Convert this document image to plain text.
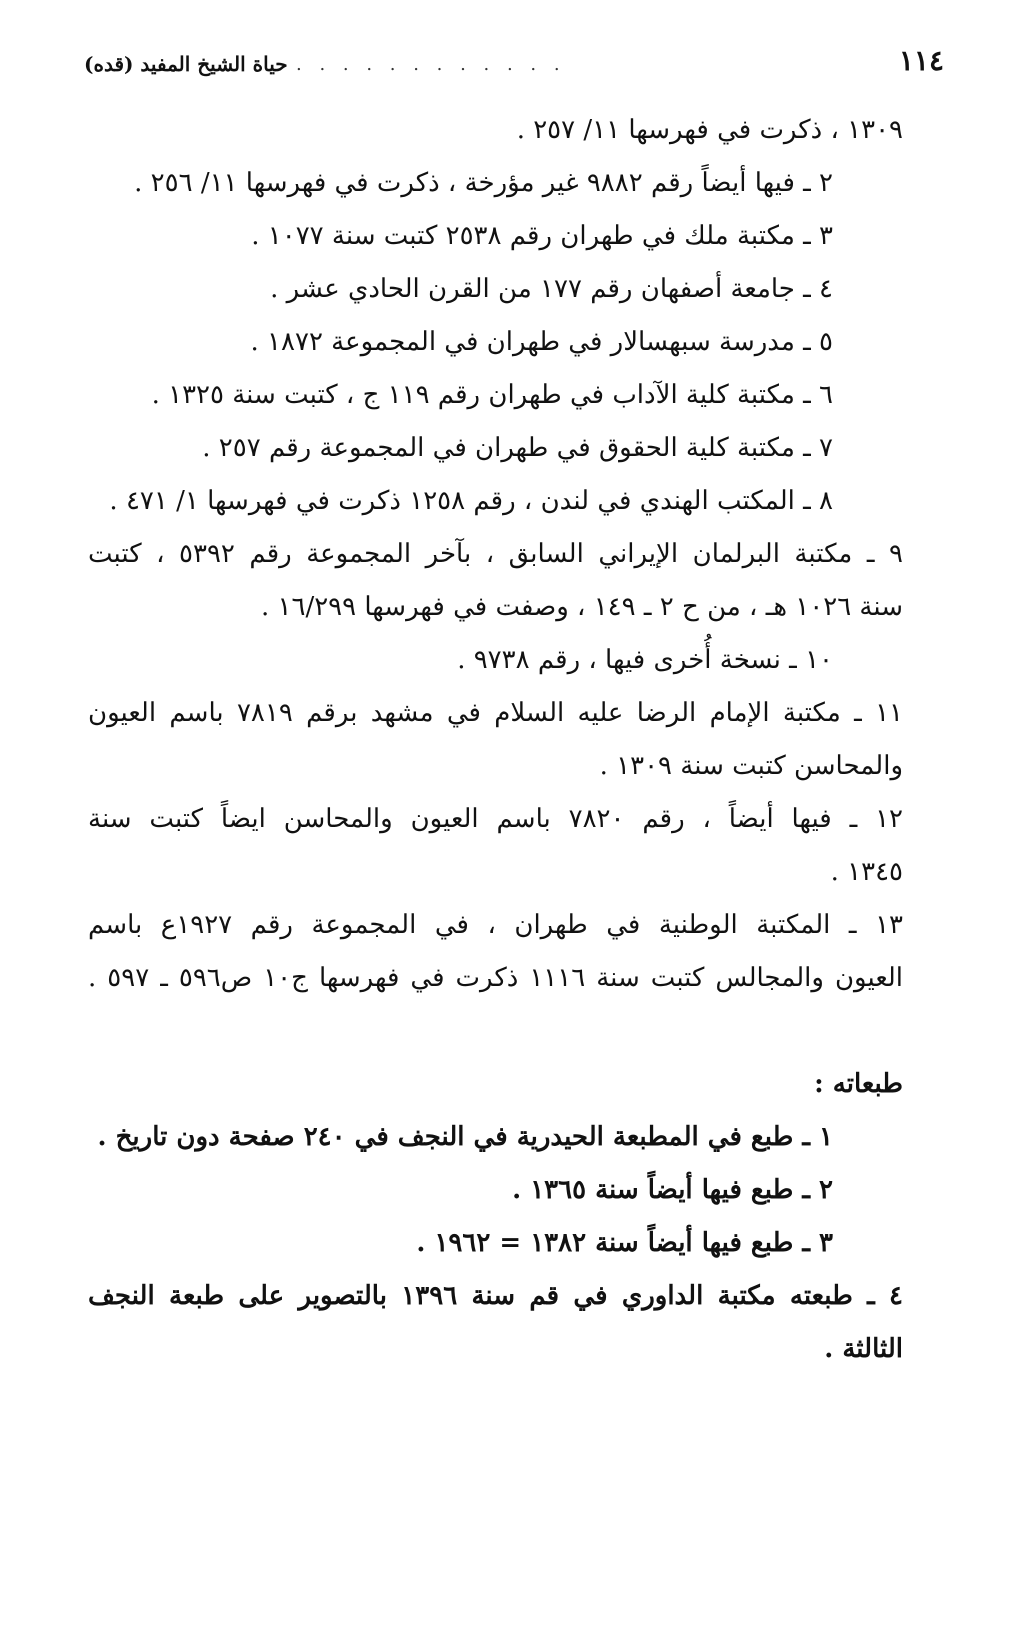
١١٤
. . . . . . . . . . . .
حياة الشيخ المفيد (قده)
١٣٠٩ ، ذكرت في فهرسها ١١/ ٢٥٧ .
٢ ـ فيها أيضاً رقم ٩٨٨٢ غير مؤرخة ، ذكرت في فهرسها ١١/ ٢٥٦ .
٣ ـ مكتبة ملك في طهران رقم ٢٥٣٨ كتبت سنة ١٠٧٧ .
٤ ـ جامعة أصفهان رقم ١٧٧ من القرن الحادي عشر .
٥ ـ مدرسة سبهسالار في طهران في المجموعة ١٨٧٢ .
٦ ـ مكتبة كلية الآداب في طهران رقم ١١٩ ج ، كتبت سنة ١٣٢٥ .
٧ ـ مكتبة كلية الحقوق في طهران في المجموعة رقم ٢٥٧ .
٨ ـ المكتب الهندي في لندن ، رقم ١٢٥٨ ذكرت في فهرسها ١/ ٤٧١ .
٩ ـ مكتبة البرلمان الإيراني السابق ، بآخر المجموعة رقم ٥٣٩٢ ، كتبت
سنة ١٠٢٦ هـ ، من ح ٢ ـ ١٤٩ ، وصفت في فهرسها ١٦/٢٩٩ .
١٠ ـ نسخة أُخرى فيها ، رقم ٩٧٣٨ .
١١ ـ مكتبة الإمام الرضا عليه السلام في مشهد برقم ٧٨١٩ باسم العيون
والمحاسن كتبت سنة ١٣٠٩ .
١٢ ـ فيها أيضاً ، رقم ٧٨٢٠ باسم العيون والمحاسن ايضاً كتبت سنة
١٣٤٥ .
١٣ ـ المكتبة الوطنية في طهران ، في المجموعة رقم ١٩٢٧ع باسم
العيون والمجالس كتبت سنة ١١١٦ ذكرت في فهرسها ج١٠ ص٥٩٦ ـ ٥٩٧ .
طبعاته :
١ ـ طبع في المطبعة الحيدرية في النجف في ٢٤٠ صفحة دون تاريخ .
٢ ـ طبع فيها أيضاً سنة ١٣٦٥ .
٣ ـ طبع فيها أيضاً سنة ١٣٨٢ = ١٩٦٢ .
٤ ـ طبعته مكتبة الداوري في قم سنة ١٣٩٦ بالتصوير على طبعة النجف
الثالثة .
